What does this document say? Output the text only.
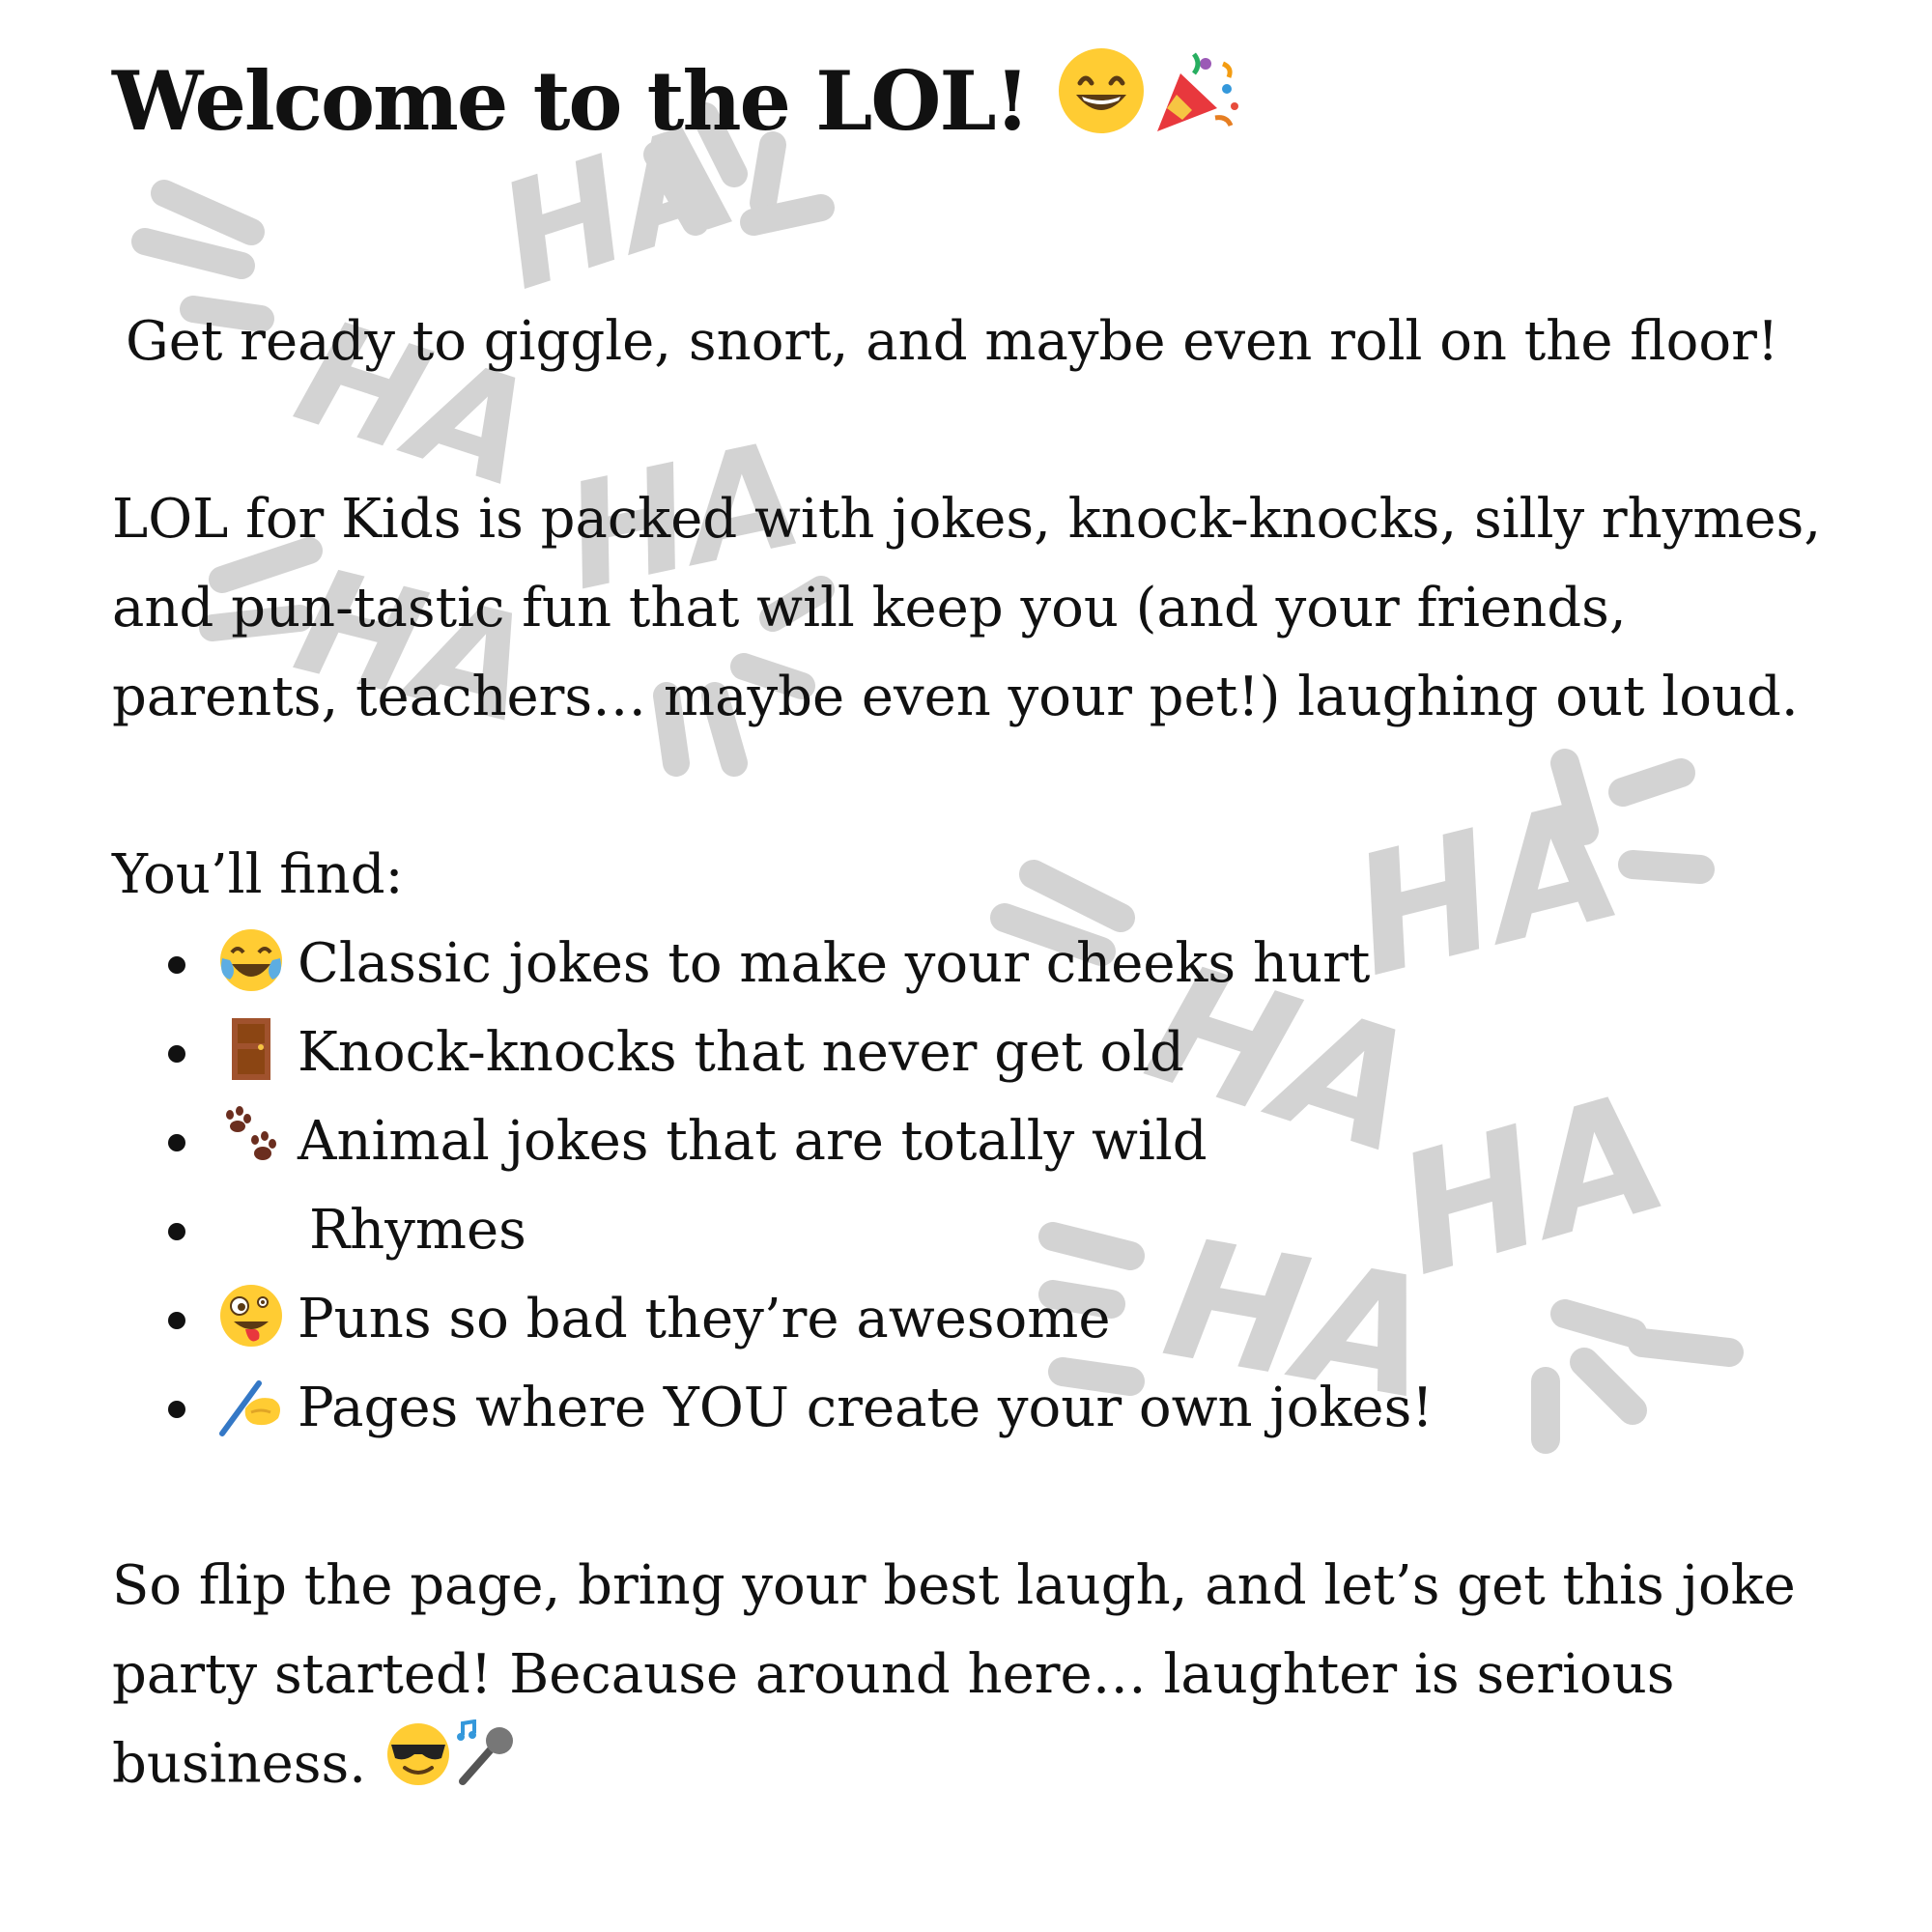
HA
HA
HA
HA
HA
HA
HA
HA
Welcome to the LOL!

Get ready to giggle, snort, and maybe even roll on the floor!

LOL for Kids is packed with jokes, knock-knocks, silly rhymes, and pun-tastic fun that will keep you (and your friends, parents, teachers… maybe even your pet!) laughing out loud.

You’ll find:

Classic jokes to make your cheeks hurt
Knock-knocks that never get old
Animal jokes that are totally wild
Rhymes
Puns so bad they’re awesome
Pages where YOU create your own jokes!

So flip the page, bring your best laugh, and let’s get this joke party started! Because around here… laughter is serious business.
